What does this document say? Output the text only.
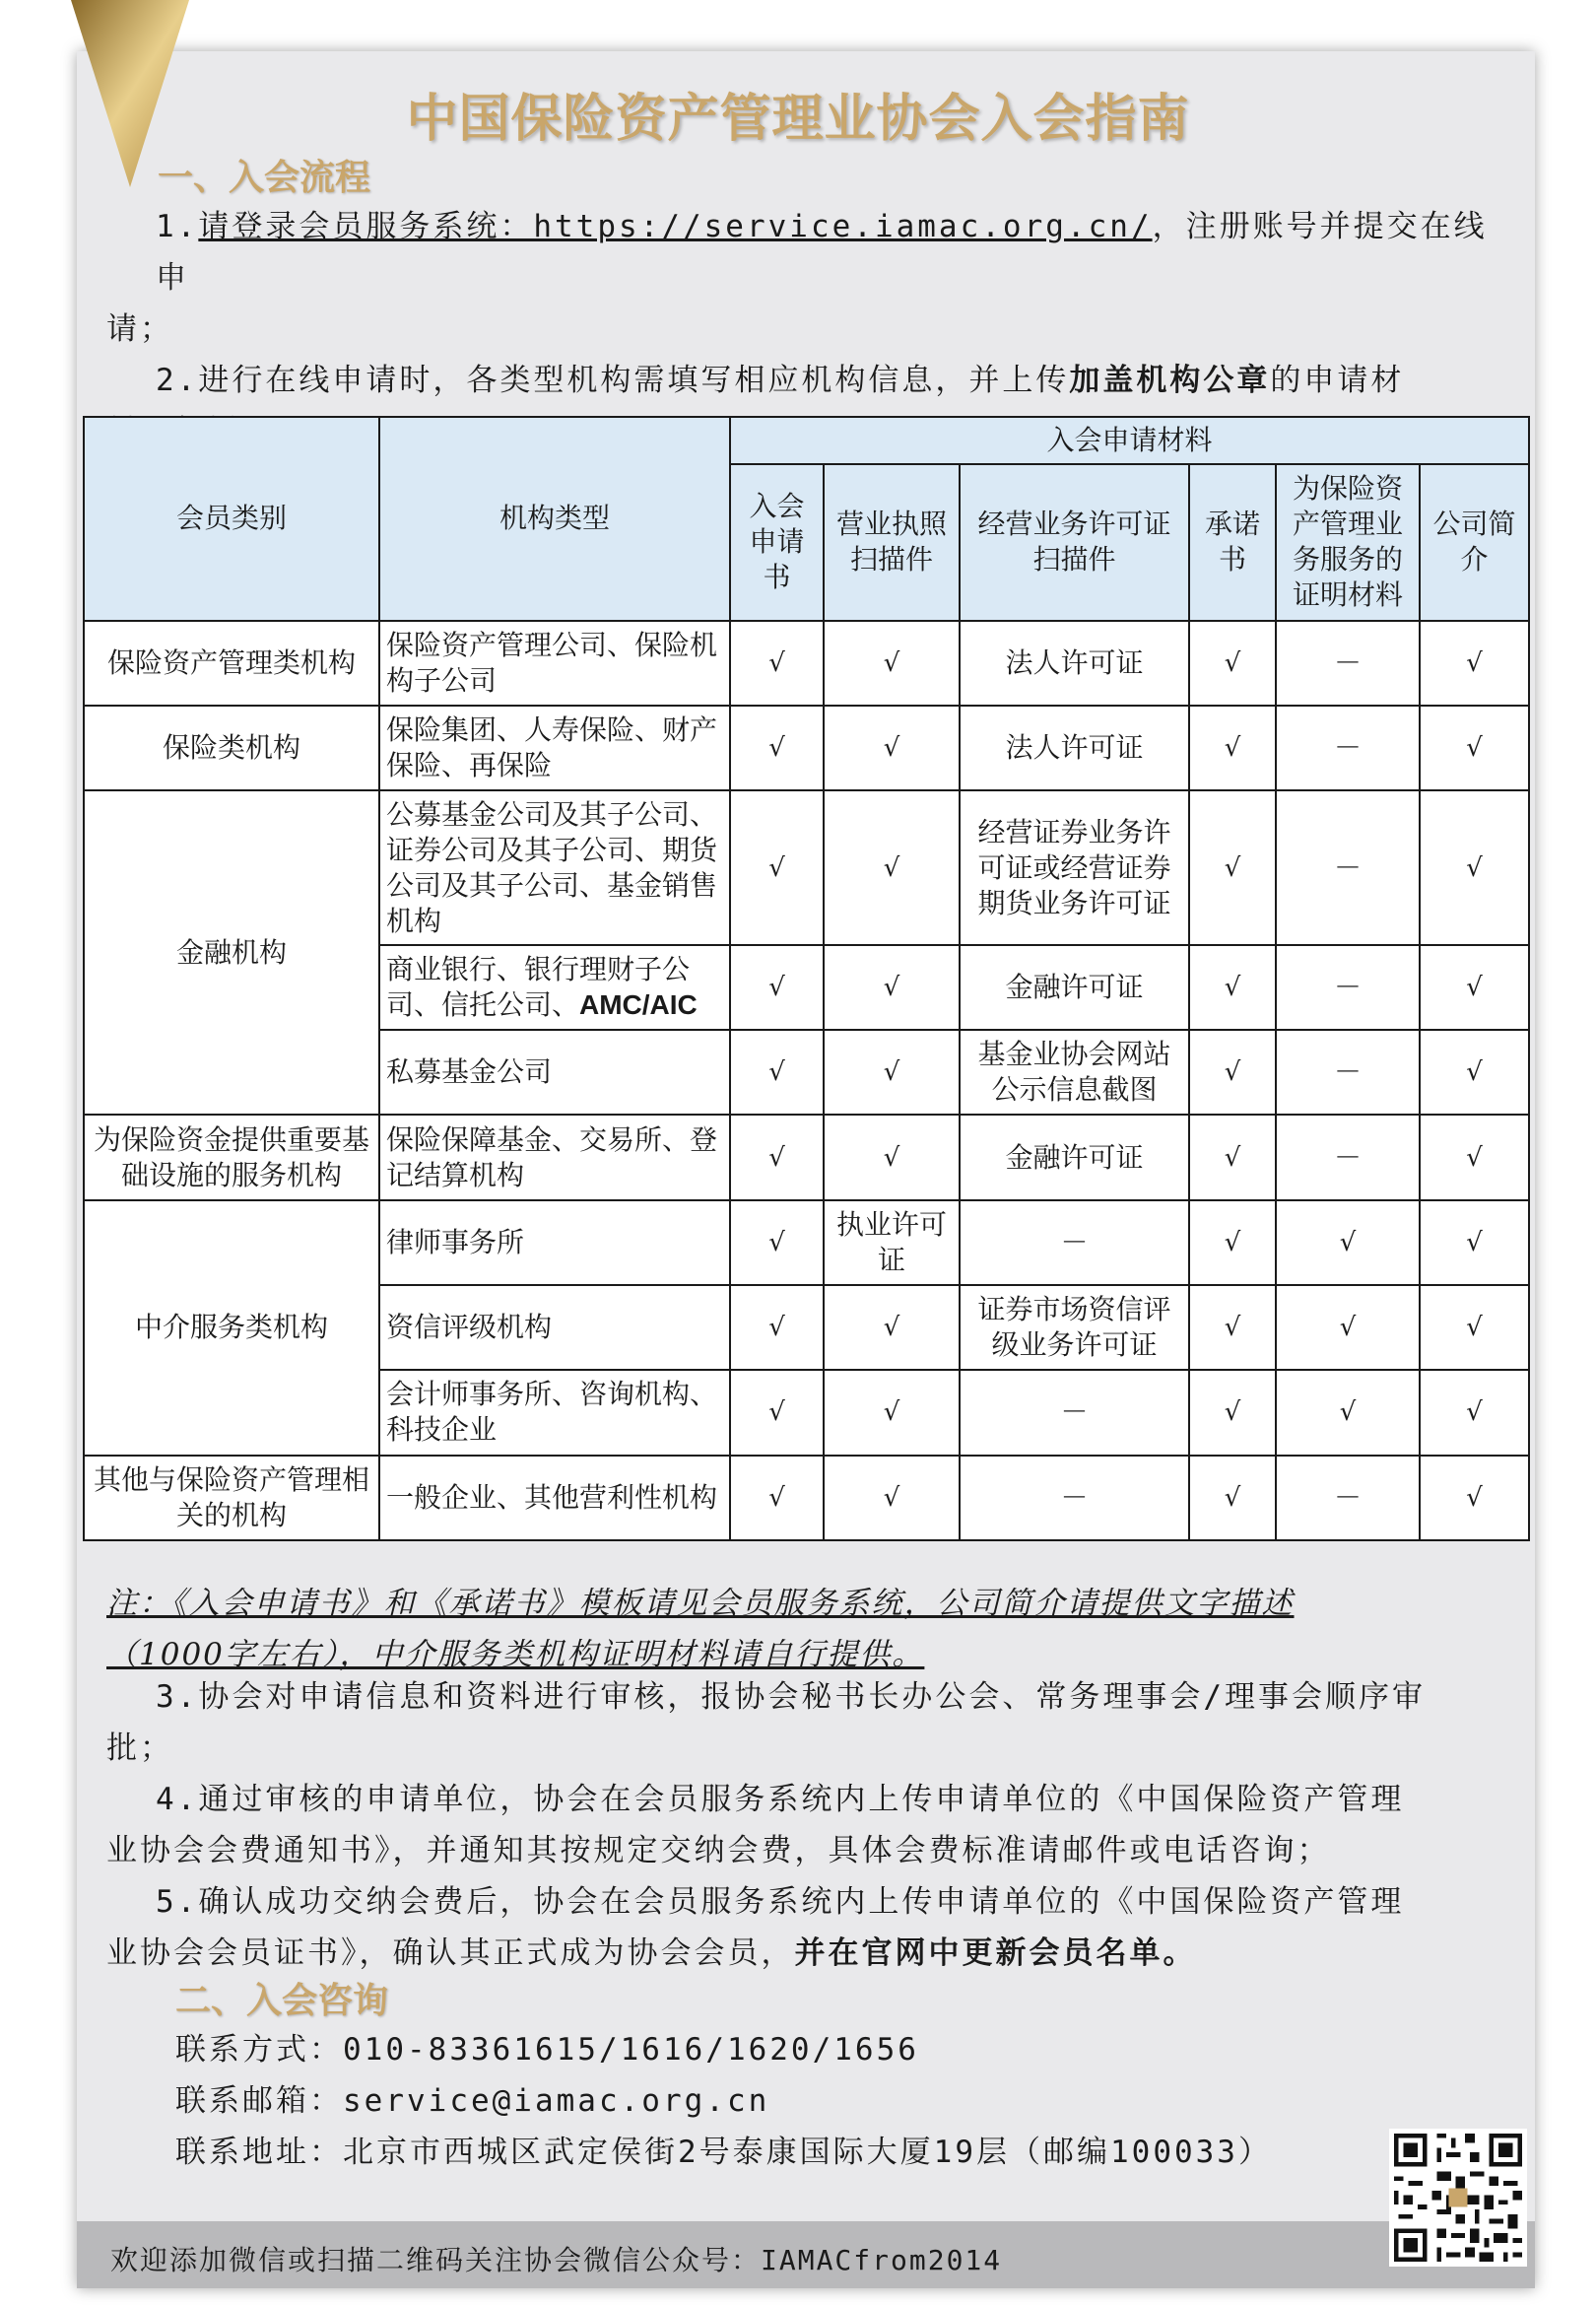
中国保险资产管理业协会入会指南
一、入会流程
1.请登录会员服务系统：https://service.iamac.org.cn/，注册账号并提交在线申
请；
2.进行在线申请时，各类型机构需填写相应机构信息，并上传加盖机构公章的申请材
会员类别	机构类型	入会申请材料					
		入会申请书	营业执照扫描件	经营业务许可证扫描件	承诺书	为保险资产管理业务服务的证明材料	公司简介
保险资产管理类机构	保险资产管理公司、保险机构子公司	√	√	法人许可证	√	－	√
保险类机构	保险集团、人寿保险、财产保险、再保险	√	√	法人许可证	√	－	√
金融机构	公募基金公司及其子公司、证券公司及其子公司、期货公司及其子公司、基金销售机构	√	√	经营证券业务许可证或经营证券期货业务许可证	√	－	√
	商业银行、银行理财子公司、信托公司、AMC/AIC	√	√	金融许可证	√	－	√
	私募基金公司	√	√	基金业协会网站公示信息截图	√	－	√
为保险资金提供重要基础设施的服务机构	保险保障基金、交易所、登记结算机构	√	√	金融许可证	√	－	√
中介服务类机构	律师事务所	√	执业许可证	－	√	√	√
	资信评级机构	√	√	证券市场资信评级业务许可证	√	√	√
	会计师事务所、咨询机构、科技企业	√	√	－	√	√	√
其他与保险资产管理相关的机构	一般企业、其他营利性机构	√	√	－	√	－	√
注：《入会申请书》和《承诺书》模板请见会员服务系统，公司简介请提供文字描述
（1000字左右），中介服务类机构证明材料请自行提供。
3.协会对申请信息和资料进行审核，报协会秘书长办公会、常务理事会/理事会顺序审
批；
4.通过审核的申请单位，协会在会员服务系统内上传申请单位的《中国保险资产管理
业协会会费通知书》，并通知其按规定交纳会费，具体会费标准请邮件或电话咨询；
5.确认成功交纳会费后，协会在会员服务系统内上传申请单位的《中国保险资产管理
业协会会员证书》，确认其正式成为协会会员，并在官网中更新会员名单。
二、入会咨询
联系方式：010-83361615/1616/1620/1656
联系邮箱：service@iamac.org.cn
联系地址：北京市西城区武定侯街2号泰康国际大厦19层（邮编100033）
欢迎添加微信或扫描二维码关注协会微信公众号：IAMACfrom2014
